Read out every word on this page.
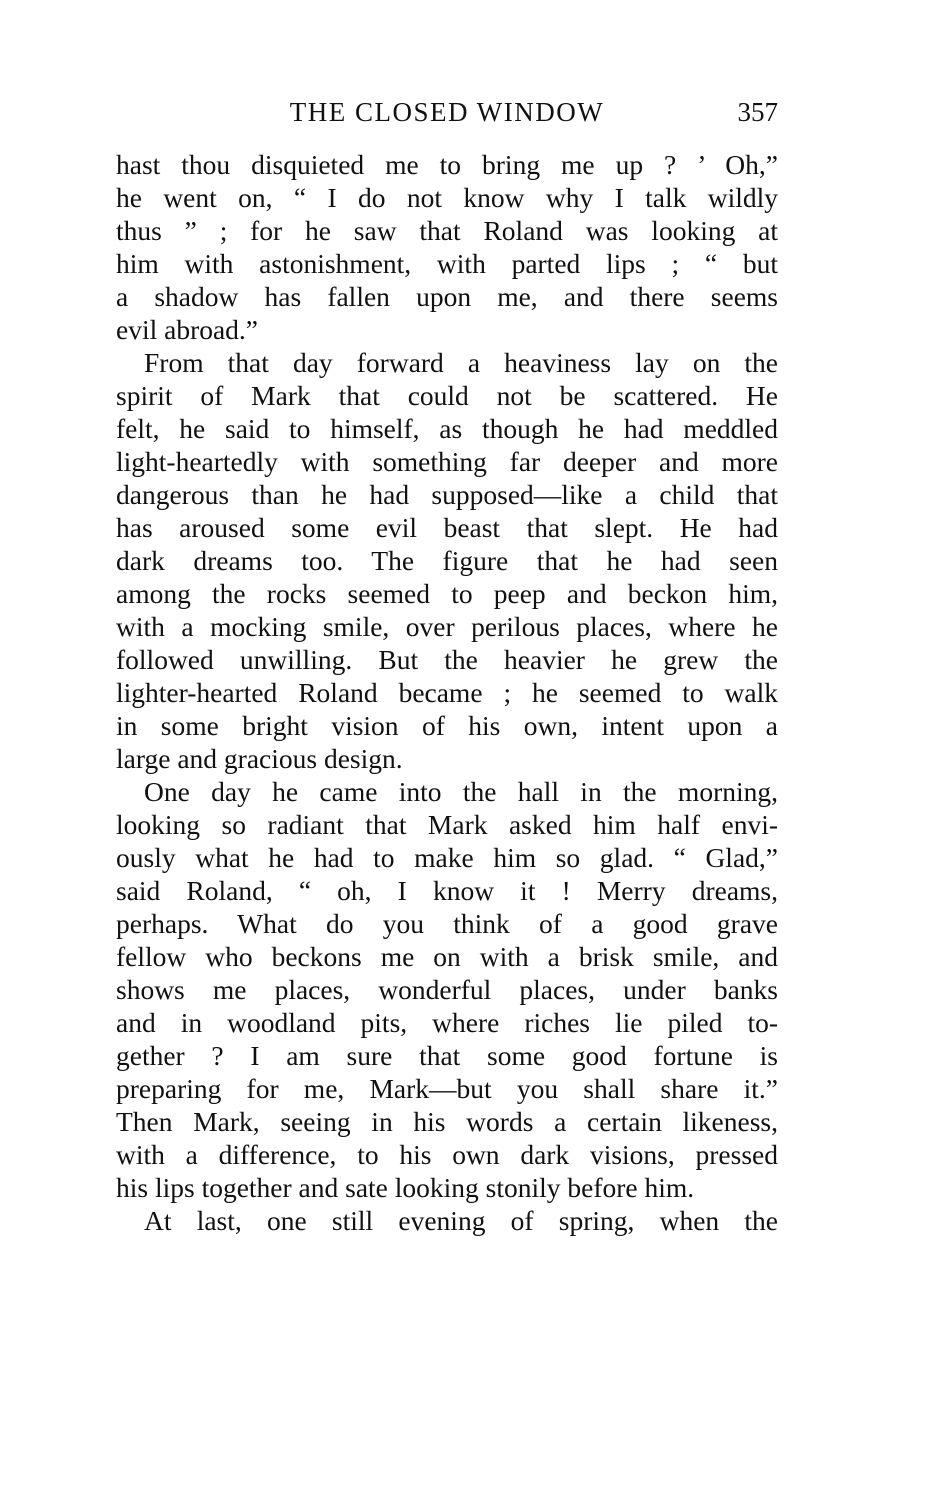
THE CLOSED WINDOW	357
hast thou disquieted me to bring me up ? ’ Oh,”
he went on, “ I do not know why I talk wildly
thus ” ; for he saw that Roland was looking at
him with astonishment, with parted lips ; “ but
a shadow has fallen upon me, and there seems
evil abroad.”
From that day forward a heaviness lay on the
spirit of Mark that could not be scattered. He
felt, he said to himself, as though he had meddled
light-heartedly with something far deeper and more
dangerous than he had supposed—like a child that
has aroused some evil beast that slept. He had
dark dreams too. The figure that he had seen
among the rocks seemed to peep and beckon him,
with a mocking smile, over perilous places, where he
followed unwilling. But the heavier he grew the
lighter-hearted Roland became ; he seemed to walk
in some bright vision of his own, intent upon a
large and gracious design.
One day he came into the hall in the morning,
looking so radiant that Mark asked him half envi-
ously what he had to make him so glad. “ Glad,”
said Roland, “ oh, I know it ! Merry dreams,
perhaps. What do you think of a good grave
fellow who beckons me on with a brisk smile, and
shows me places, wonderful places, under banks
and in woodland pits, where riches lie piled to-
gether ? I am sure that some good fortune is
preparing for me, Mark—but you shall share it.”
Then Mark, seeing in his words a certain likeness,
with a difference, to his own dark visions, pressed
his lips together and sate looking stonily before him.
At last, one still evening of spring, when the
